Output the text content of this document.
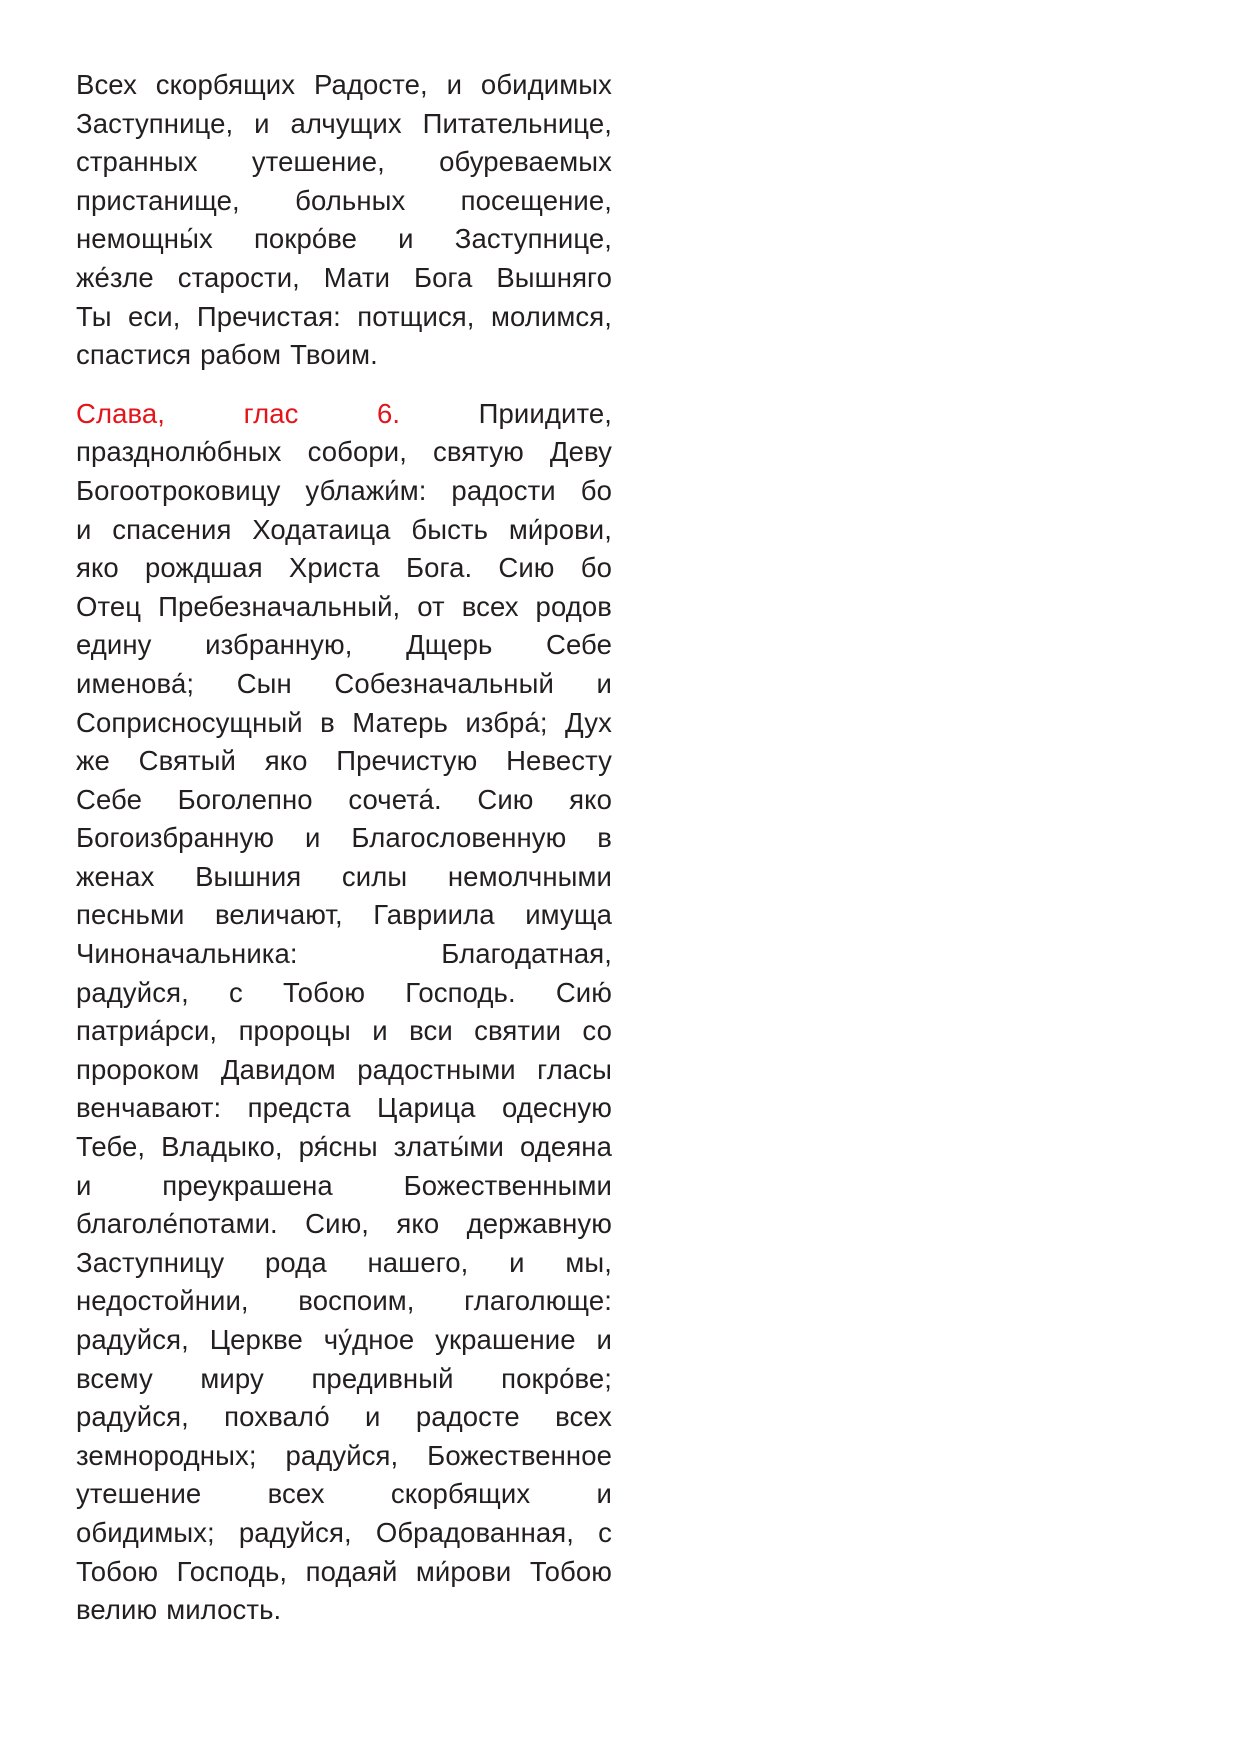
Всех скорбящих Радосте, и обидимых
Заступнице, и алчущих Питательнице,
странных утешение, обуреваемых
пристанище, больных посещение,
немощны́х покро́ве и Заступнице,
же́зле старости, Мати Бога Вышняго
Ты еси, Пречистая: потщися, молимся,
спастися рабом Твоим.
Слава,	глас	6.	Приидите,
празднолю́бных собори, святую Деву
Богоотроковицу ублажи́м: радости бо
и спасения Ходатаица бысть ми́рови,
яко рождшая Христа Бога. Сию бо
Отец Пребезначальный, от всех родов
едину избранную, Дщерь Себе
именова́; Сын Собезначальный и
Соприсносущный в Матерь избра́; Дух
же Святый яко Пречистую Невесту
Себе Боголепно сочета́. Сию яко
Богоизбранную и Благословенную в
женах Вышния силы немолчными
песньми величают, Гавриила имуща
Чиноначальника:	Благодатная,
радуйся, с Тобою Господь. Сию́
патриа́рси, пророцы и вси святии со
пророком Давидом радостными гласы
венчавают: предста Царица одесную
Тебе, Владыко, ря́сны златы́ми одеяна
и	преукрашена	Божественными
благоле́потами. Сию, яко державную
Заступницу рода нашего, и мы,
недостойнии, воспоим, глаголюще:
радуйся, Церкве чу́дное украшение и
всему миру предивный покро́ве;
радуйся, похвало́ и радосте всех
земнородных; радуйся, Божественное
утешение всех скорбящих и
обидимых; радуйся, Обрадованная, с
Тобою Господь, подаяй ми́рови Тобою
велию милость.
